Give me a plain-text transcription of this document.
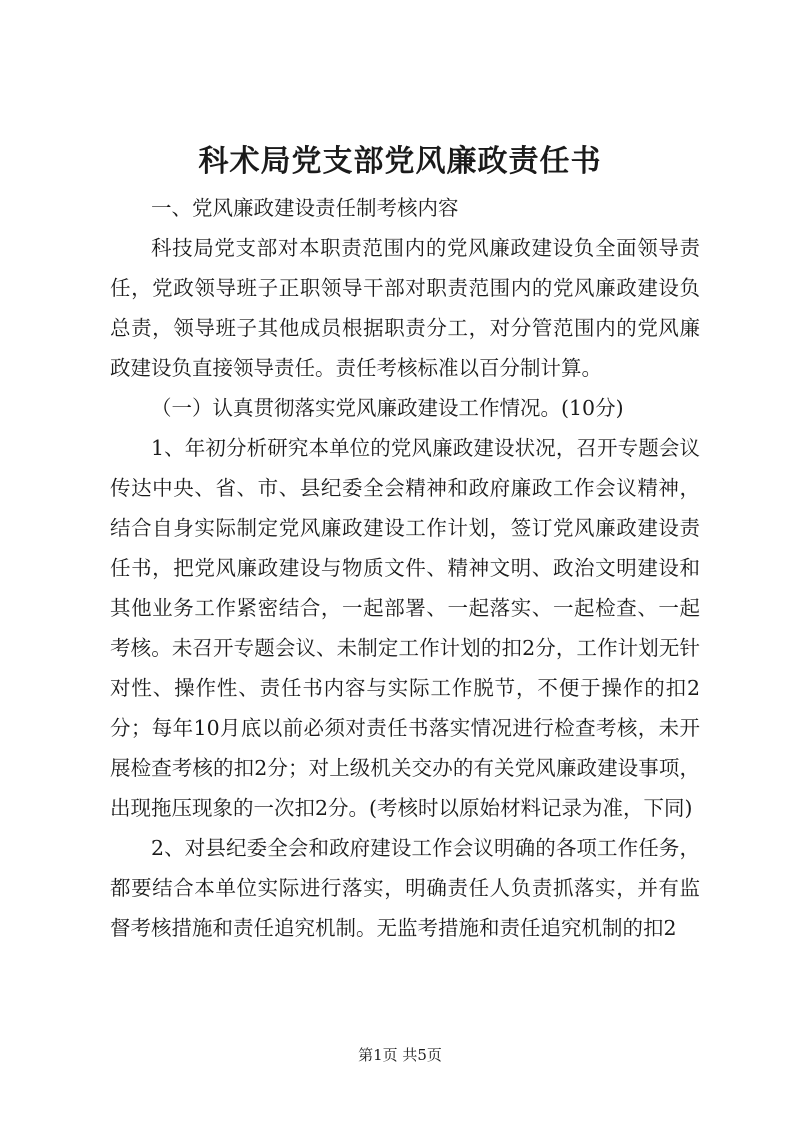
科术局党支部党风廉政责任书

一、党风廉政建设责任制考核内容

科技局党支部对本职责范围内的党风廉政建设负全面领导责任，党政领导班子正职领导干部对职责范围内的党风廉政建设负总责，领导班子其他成员根据职责分工，对分管范围内的党风廉政建设负直接领导责任。责任考核标准以百分制计算。

（一）认真贯彻落实党风廉政建设工作情况。(10分)

1、年初分析研究本单位的党风廉政建设状况，召开专题会议传达中央、省、市、县纪委全会精神和政府廉政工作会议精神，结合自身实际制定党风廉政建设工作计划，签订党风廉政建设责任书，把党风廉政建设与物质文件、精神文明、政治文明建设和其他业务工作紧密结合，一起部署、一起落实、一起检查、一起考核。未召开专题会议、未制定工作计划的扣2分，工作计划无针对性、操作性、责任书内容与实际工作脱节，不便于操作的扣2分；每年10月底以前必须对责任书落实情况进行检查考核，未开展检查考核的扣2分；对上级机关交办的有关党风廉政建设事项，出现拖压现象的一次扣2分。(考核时以原始材料记录为准，下同)

2、对县纪委全会和政府建设工作会议明确的各项工作任务，都要结合本单位实际进行落实，明确责任人负责抓落实，并有监督考核措施和责任追究机制。无监考措施和责任追究机制的扣2

第1页 共5页
